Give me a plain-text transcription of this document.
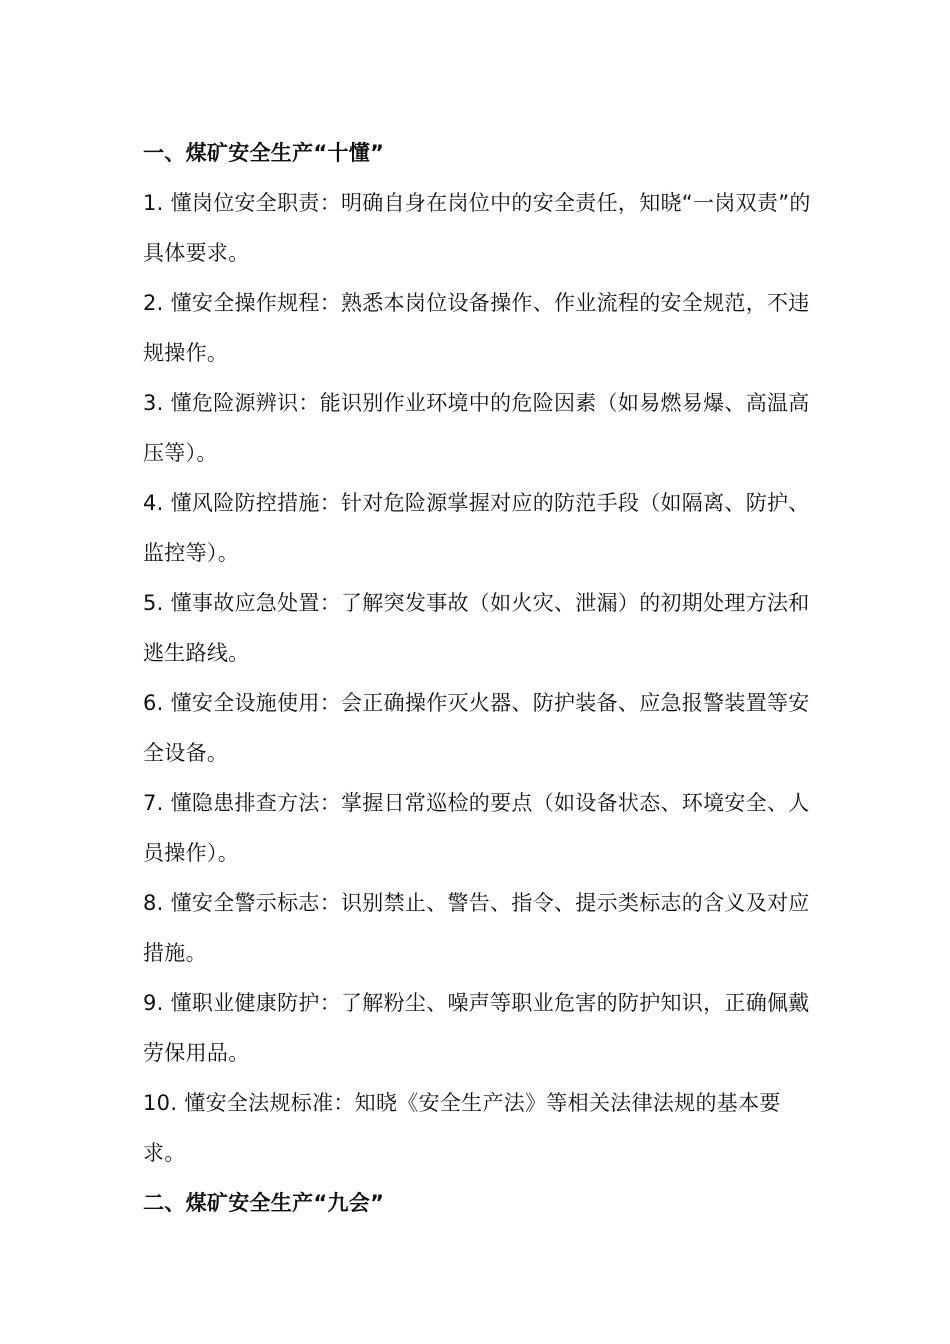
一、煤矿安全生产“十懂”

1. 懂岗位安全职责：明确自身在岗位中的安全责任，知晓“一岗双责”的具体要求。

2. 懂安全操作规程：熟悉本岗位设备操作、作业流程的安全规范，不违规操作。

3. 懂危险源辨识：能识别作业环境中的危险因素（如易燃易爆、高温高压等）。

4. 懂风险防控措施：针对危险源掌握对应的防范手段（如隔离、防护、监控等）。

5. 懂事故应急处置：了解突发事故（如火灾、泄漏）的初期处理方法和逃生路线。

6. 懂安全设施使用：会正确操作灭火器、防护装备、应急报警装置等安全设备。

7. 懂隐患排查方法：掌握日常巡检的要点（如设备状态、环境安全、人员操作）。

8. 懂安全警示标志：识别禁止、警告、指令、提示类标志的含义及对应措施。

9. 懂职业健康防护：了解粉尘、噪声等职业危害的防护知识，正确佩戴劳保用品。

10. 懂安全法规标准：知晓《安全生产法》等相关法律法规的基本要求。

二、煤矿安全生产“九会”
